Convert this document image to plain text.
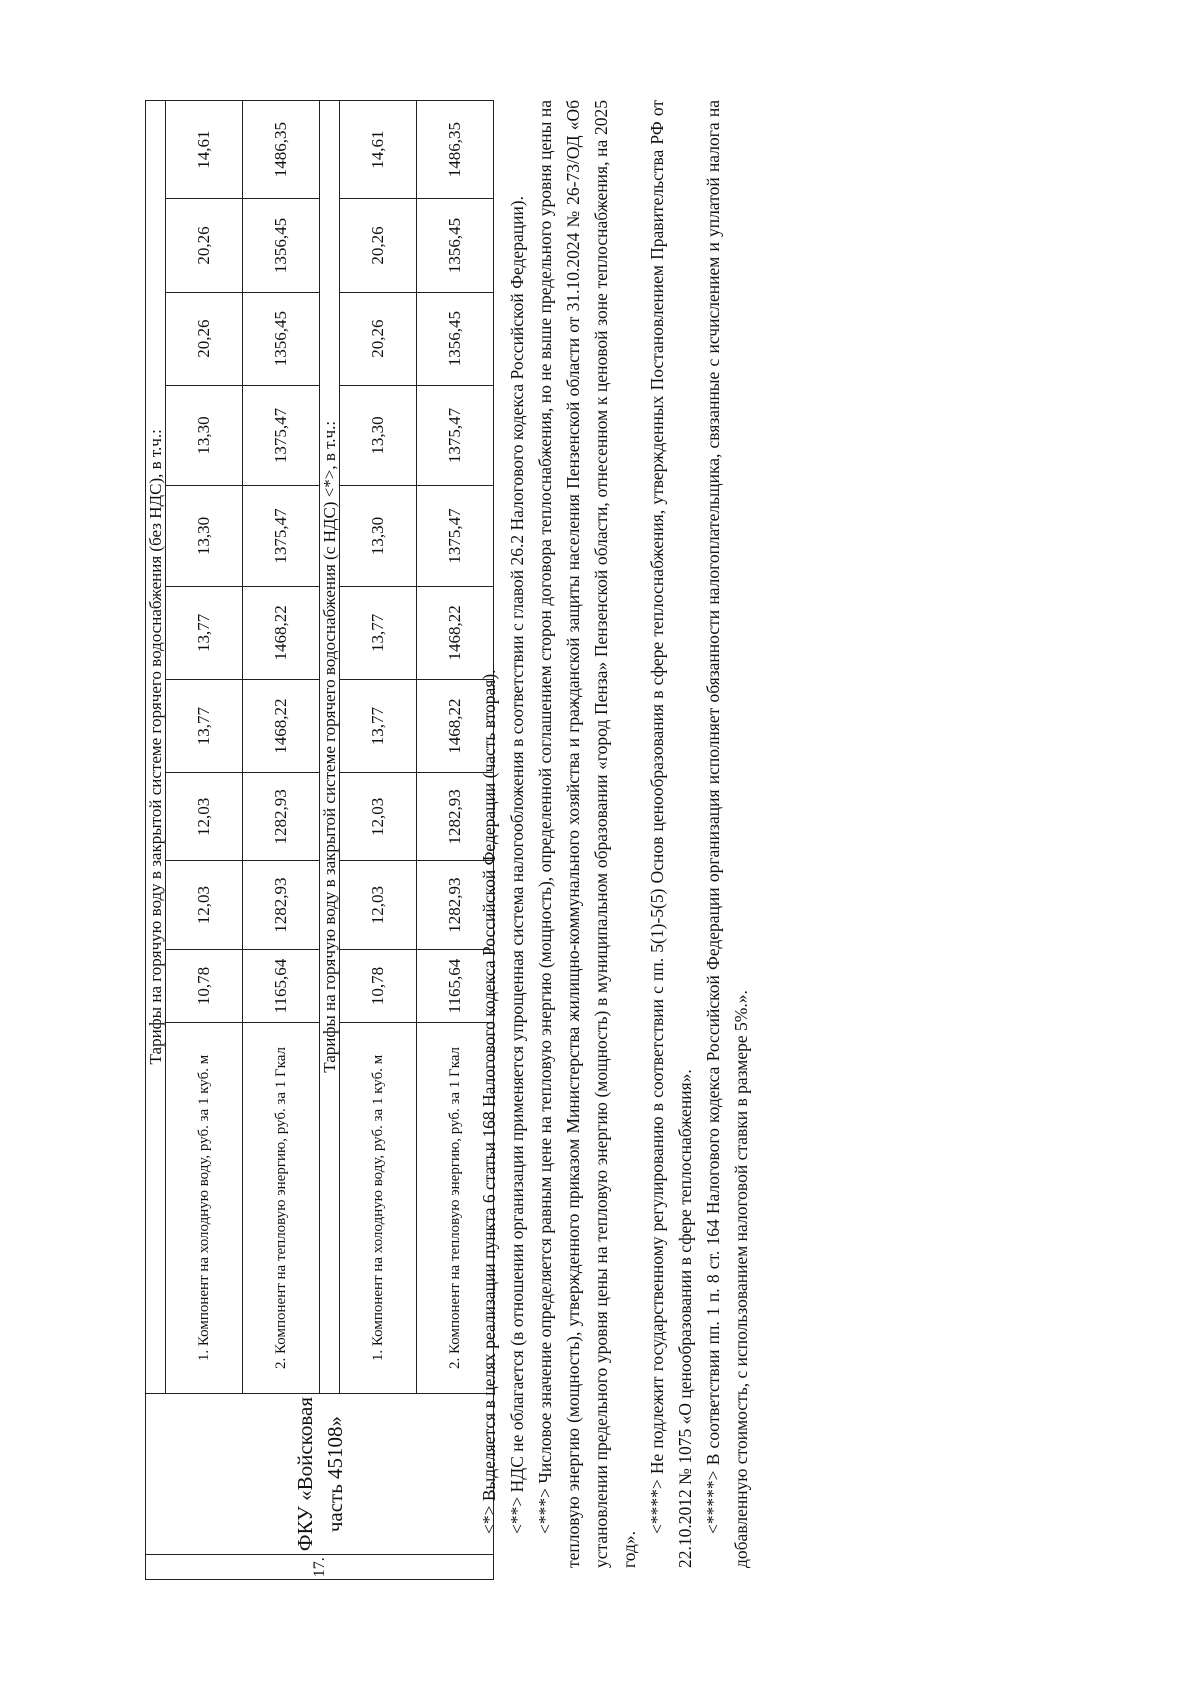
17.	ФКУ «Войсковая часть 45108»	Тарифы на горячую воду в закрытой системе горячего водоснабжения (без НДС), в т.ч.:										
		1. Компонент на холодную воду, руб. за 1 куб. м	10,78	12,03	12,03	13,77	13,77	13,30	13,30	20,26	20,26	14,61
		2. Компонент на тепловую энергию, руб. за 1 Гкал	1165,64	1282,93	1282,93	1468,22	1468,22	1375,47	1375,47	1356,45	1356,45	1486,35
		Тарифы на горячую воду в закрытой системе горячего водоснабжения (с НДС) <*>, в т.ч.:										
		1. Компонент на холодную воду, руб. за 1 куб. м	10,78	12,03	12,03	13,77	13,77	13,30	13,30	20,26	20,26	14,61
		2. Компонент на тепловую энергию, руб. за 1 Гкал	1165,64	1282,93	1282,93	1468,22	1468,22	1375,47	1375,47	1356,45	1356,45	1486,35

<*> Выделяется в целях реализации пункта 6 статьи 168 Налогового кодекса Российской Федерации (часть вторая). <**> НДС не облагается (в отношении организации применяется упрощенная система налогообложения в соответствии с главой 26.2 Налогового кодекса Российской Федерации). <***> Числовое значение определяется равным цене на тепловую энергию (мощность), определенной соглашением сторон договора теплоснабжения, но не выше предельного уровня цены на тепловую энергию (мощность), утвержденного приказом Министерства жилищно-коммунального хозяйства и гражданской защиты населения Пензенской области от 31.10.2024 № 26-73/ОД «Об установлении предельного уровня цены на тепловую энергию (мощность) в муниципальном образовании «город Пенза» Пензенской области, отнесенном к ценовой зоне теплоснабжения, на 2025 год».

<****> Не подлежит государственному регулированию в соответствии с пп. 5(1)-5(5) Основ ценообразования в сфере теплоснабжения, утвержденных Постановлением Правительства РФ от 22.10.2012 № 1075 «О ценообразовании в сфере теплоснабжения». <*****> В соответствии пп. 1 п. 8 ст. 164 Налогового кодекса Российской Федерации организация исполняет обязанности налогоплательщика, связанные с исчислением и уплатой налога на добавленную стоимость, с использованием налоговой ставки в размере 5%.».
